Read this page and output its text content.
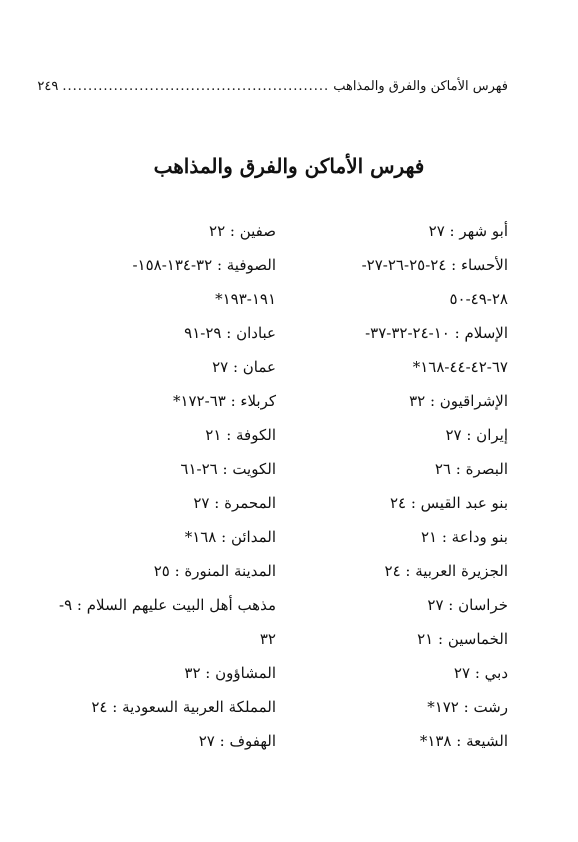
فهرس الأماكن والفرق والمذاهب
....................................................
٢٤٩
فهرس الأماكن والفرق والمذاهب
أبو شهر : ٢٧
الأحساء : ٢٤-٢٥-٢٦-٢٧-
٢٨-٤٩-٥٠
الإسلام : ١٠-٢٤-٣٢-٣٧-
٦٧-٤٢-٤٤-١٦٨*
الإشراقيون : ٣٢
إيران : ٢٧
البصرة : ٢٦
بنو عبد القيس : ٢٤
بنو وداعة : ٢١
الجزيرة العربية : ٢٤
خراسان : ٢٧
الخماسين : ٢١
دبي : ٢٧
رشت : ١٧٢*
الشيعة : ١٣٨*
صفين : ٢٢
الصوفية : ٣٢-١٣٤-١٥٨-
١٩١-١٩٣*
عبادان : ٢٩-٩١
عمان : ٢٧
كربلاء : ٦٣-١٧٢*
الكوفة : ٢١
الكويت : ٢٦-٦١
المحمرة : ٢٧
المدائن : ١٦٨*
المدينة المنورة : ٢٥
مذهب أهل البيت عليهم السلام : ٩-
٣٢
المشاؤون : ٣٢
المملكة العربية السعودية : ٢٤
الهفوف : ٢٧
